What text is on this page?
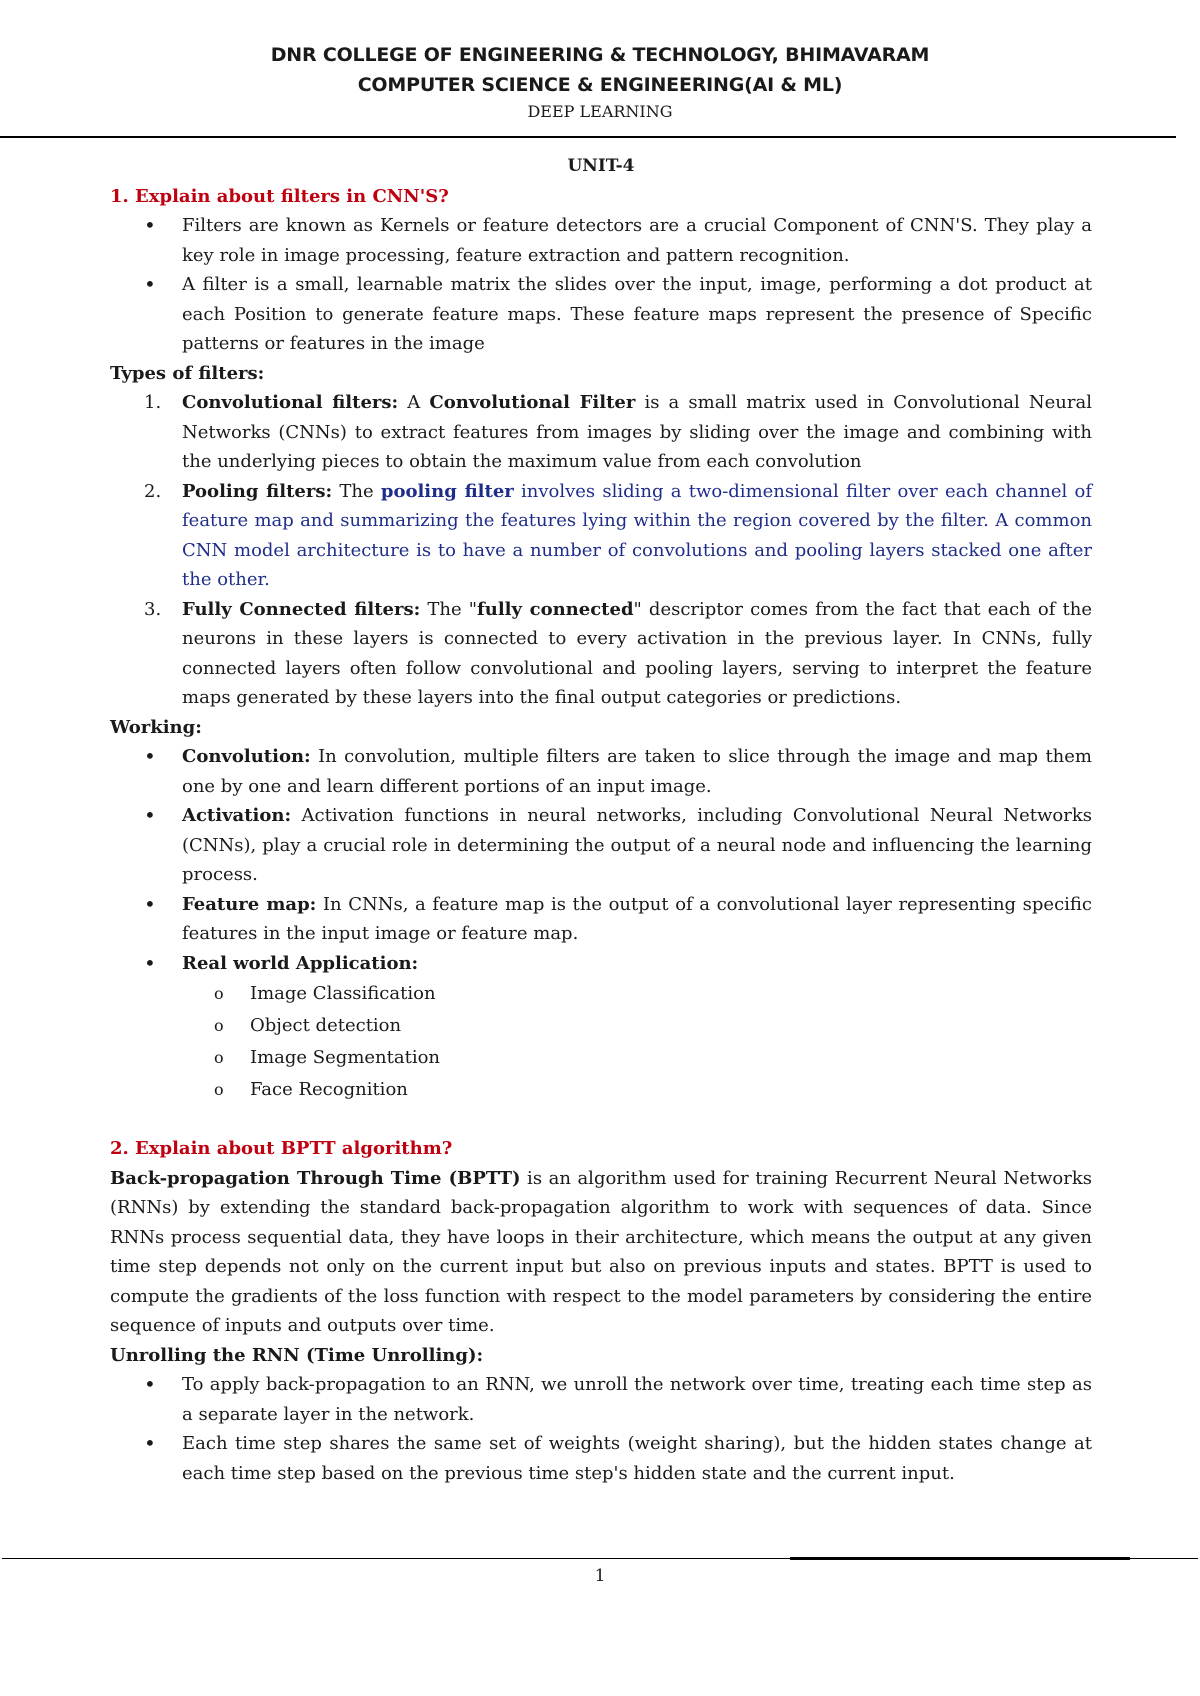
DNR COLLEGE OF ENGINEERING & TECHNOLOGY, BHIMAVARAM
COMPUTER SCIENCE & ENGINEERING(AI & ML)
DEEP LEARNING

UNIT-4

1. Explain about filters in CNN'S?

• Filters are known as Kernels or feature detectors are a crucial Component of CNN'S. They play a key role in image processing, feature extraction and pattern recognition.
• A filter is a small, learnable matrix the slides over the input, image, performing a dot product at each Position to generate feature maps. These feature maps represent the presence of Specific patterns or features in the image

Types of filters:

1. Convolutional filters: A Convolutional Filter is a small matrix used in Convolutional Neural Networks (CNNs) to extract features from images by sliding over the image and combining with the underlying pieces to obtain the maximum value from each convolution
2. Pooling filters: The pooling filter involves sliding a two-dimensional filter over each channel of feature map and summarizing the features lying within the region covered by the filter. A common CNN model architecture is to have a number of convolutions and pooling layers stacked one after the other.
3. Fully Connected filters: The "fully connected" descriptor comes from the fact that each of the neurons in these layers is connected to every activation in the previous layer. In CNNs, fully connected layers often follow convolutional and pooling layers, serving to interpret the feature maps generated by these layers into the final output categories or predictions.

Working:

• Convolution: In convolution, multiple filters are taken to slice through the image and map them one by one and learn different portions of an input image.
• Activation: Activation functions in neural networks, including Convolutional Neural Networks (CNNs), play a crucial role in determining the output of a neural node and influencing the learning process.
• Feature map: In CNNs, a feature map is the output of a convolutional layer representing specific features in the input image or feature map.
• Real world Application:
o Image Classification
o Object detection
o Image Segmentation
o Face Recognition

2. Explain about BPTT algorithm?

Back-propagation Through Time (BPTT) is an algorithm used for training Recurrent Neural Networks (RNNs) by extending the standard back-propagation algorithm to work with sequences of data. Since RNNs process sequential data, they have loops in their architecture, which means the output at any given time step depends not only on the current input but also on previous inputs and states. BPTT is used to compute the gradients of the loss function with respect to the model parameters by considering the entire sequence of inputs and outputs over time.

Unrolling the RNN (Time Unrolling):

• To apply back-propagation to an RNN, we unroll the network over time, treating each time step as a separate layer in the network.
• Each time step shares the same set of weights (weight sharing), but the hidden states change at each time step based on the previous time step's hidden state and the current input.
1
